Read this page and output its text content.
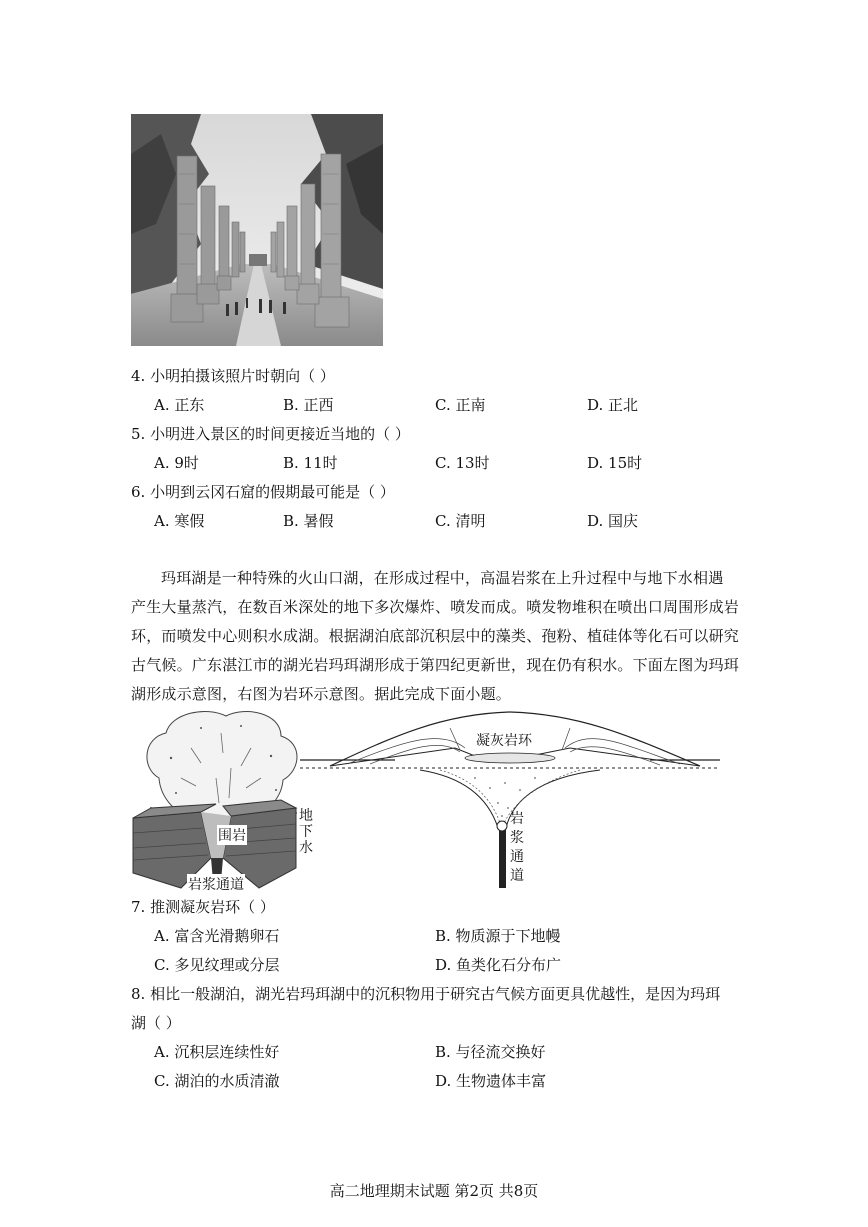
4. 小明拍摄该照片时朝向（ ）
A. 正东	B. 正西	C. 正南	D. 正北
5. 小明进入景区的时间更接近当地的（ ）
A. 9时	B. 11时	C. 13时	D. 15时
6. 小明到云冈石窟的假期最可能是（ ）
A. 寒假	B. 暑假	C. 清明	D. 国庆

玛珥湖是一种特殊的火山口湖，在形成过程中，高温岩浆在上升过程中与地下水相遇

产生大量蒸汽，在数百米深处的地下多次爆炸、喷发而成。喷发物堆积在喷出口周围形成岩

环，而喷发中心则积水成湖。根据湖泊底部沉积层中的藻类、孢粉、植硅体等化石可以研究

古气候。广东湛江市的湖光岩玛珥湖形成于第四纪更新世，现在仍有积水。下面左图为玛珥

湖形成示意图，右图为岩环示意图。据此完成下面小题。

围岩
地
下
水
岩浆通道
凝灰岩环
岩
浆
通
道
7. 推测凝灰岩环（ ）
A. 富含光滑鹅卵石	B. 物质源于下地幔
C. 多见纹理或分层	D. 鱼类化石分布广
8. 相比一般湖泊，湖光岩玛珥湖中的沉积物用于研究古气候方面更具优越性，是因为玛珥
湖（ ）
A. 沉积层连续性好	B. 与径流交换好
C. 湖泊的水质清澈	D. 生物遗体丰富
高二地理期末试题 第2页 共8页
